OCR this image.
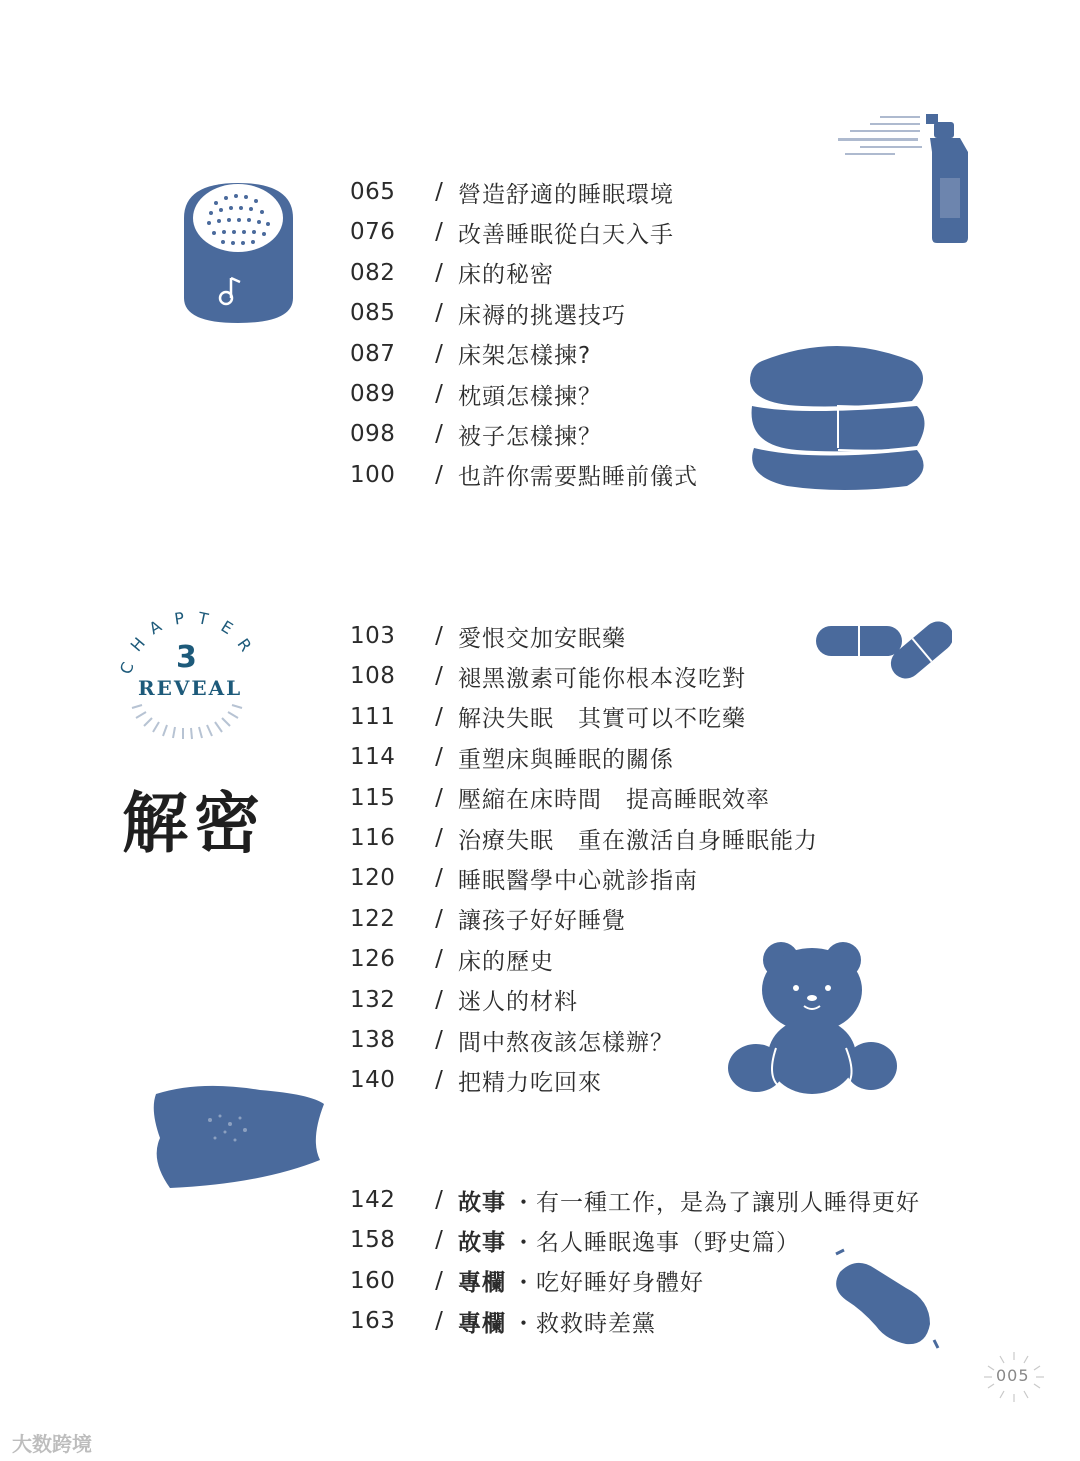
C
H
A P T E
R
3
REVEAL
解密
065	/ 營造舒適的睡眠環境
076	/ 改善睡眠從白天入手
082	/ 床的秘密
085	/ 床褥的挑選技巧
087	/ 床架怎樣揀?
089	/ 枕頭怎樣揀？
098	/ 被子怎樣揀？
100	/ 也許你需要點睡前儀式
103	/ 愛恨交加安眠藥
108	/ 褪黑激素可能你根本沒吃對
111	/ 解決失眠　其實可以不吃藥
114	/ 重塑床與睡眠的關係
115	/ 壓縮在床時間　提高睡眠效率
116	/ 治療失眠　重在激活自身睡眠能力
120	/ 睡眠醫學中心就診指南
122	/ 讓孩子好好睡覺
126	/ 床的歷史
132	/ 迷人的材料
138	/ 間中熬夜該怎樣辦？
140	/ 把精力吃回來
142	/ 故事 ・有一種工作，是為了讓別人睡得更好
158	/ 故事 ・名人睡眠逸事（野史篇）
160	/ 專欄 ・吃好睡好身體好
163	/ 專欄 ・救救時差黨
005
大数跨境
